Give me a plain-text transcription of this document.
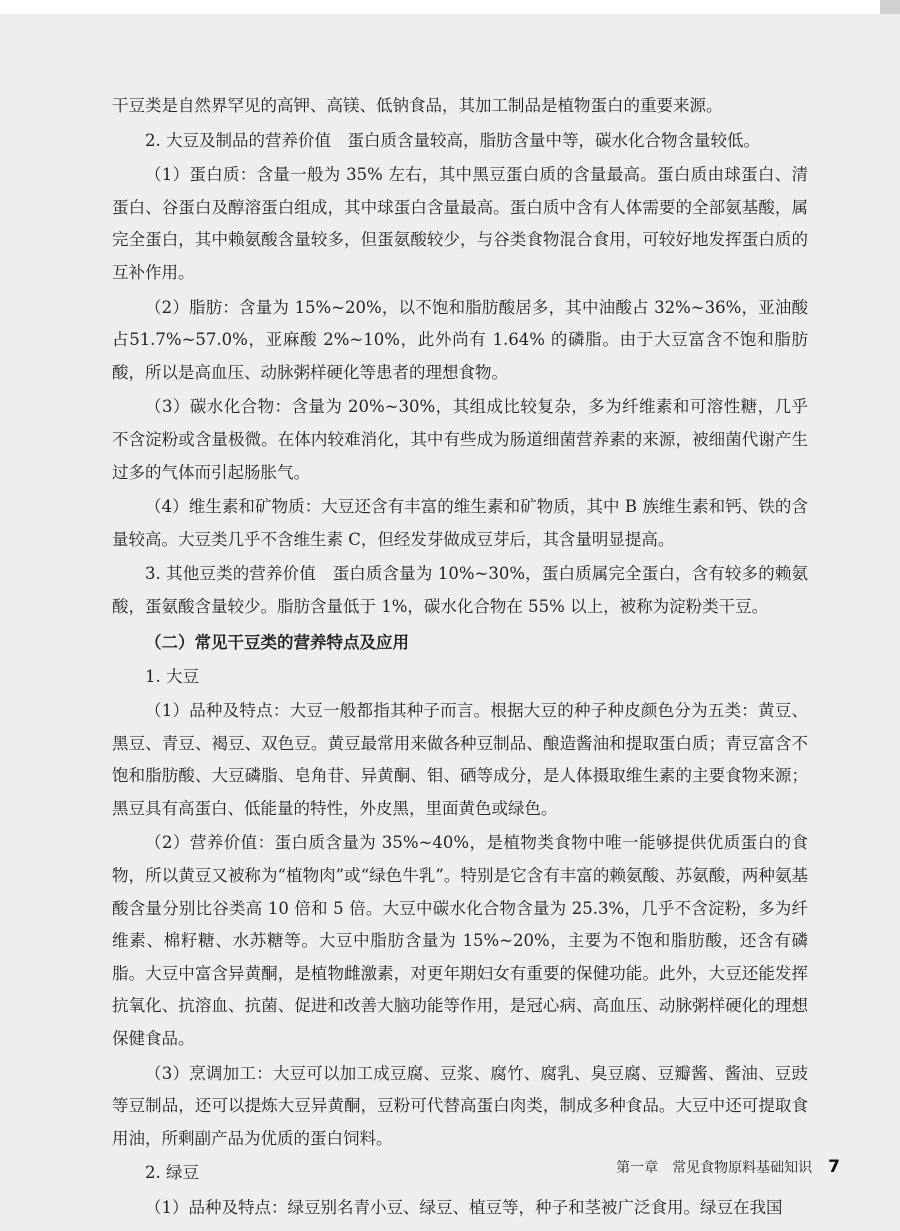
干豆类是自然界罕见的高钾、高镁、低钠食品，其加工制品是植物蛋白的重要来源。

2. 大豆及制品的营养价值　蛋白质含量较高，脂肪含量中等，碳水化合物含量较低。

（1）蛋白质：含量一般为 35% 左右，其中黑豆蛋白质的含量最高。蛋白质由球蛋白、清蛋白、谷蛋白及醇溶蛋白组成，其中球蛋白含量最高。蛋白质中含有人体需要的全部氨基酸，属完全蛋白，其中赖氨酸含量较多，但蛋氨酸较少，与谷类食物混合食用，可较好地发挥蛋白质的互补作用。

（2）脂肪：含量为 15%~20%，以不饱和脂肪酸居多，其中油酸占 32%~36%，亚油酸占51.7%~57.0%，亚麻酸 2%~10%，此外尚有 1.64% 的磷脂。由于大豆富含不饱和脂肪酸，所以是高血压、动脉粥样硬化等患者的理想食物。

（3）碳水化合物：含量为 20%~30%，其组成比较复杂，多为纤维素和可溶性糖，几乎不含淀粉或含量极微。在体内较难消化，其中有些成为肠道细菌营养素的来源，被细菌代谢产生过多的气体而引起肠胀气。

（4）维生素和矿物质：大豆还含有丰富的维生素和矿物质，其中 B 族维生素和钙、铁的含量较高。大豆类几乎不含维生素 C，但经发芽做成豆芽后，其含量明显提高。

3. 其他豆类的营养价值　蛋白质含量为 10%~30%，蛋白质属完全蛋白，含有较多的赖氨酸，蛋氨酸含量较少。脂肪含量低于 1%，碳水化合物在 55% 以上，被称为淀粉类干豆。

（二）常见干豆类的营养特点及应用

1. 大豆

（1）品种及特点：大豆一般都指其种子而言。根据大豆的种子种皮颜色分为五类：黄豆、黑豆、青豆、褐豆、双色豆。黄豆最常用来做各种豆制品、酿造酱油和提取蛋白质；青豆富含不饱和脂肪酸、大豆磷脂、皂角苷、异黄酮、钼、硒等成分，是人体摄取维生素的主要食物来源；黑豆具有高蛋白、低能量的特性，外皮黑，里面黄色或绿色。

（2）营养价值：蛋白质含量为 35%~40%，是植物类食物中唯一能够提供优质蛋白的食物，所以黄豆又被称为“植物肉”或“绿色牛乳”。特别是它含有丰富的赖氨酸、苏氨酸，两种氨基酸含量分别比谷类高 10 倍和 5 倍。大豆中碳水化合物含量为 25.3%，几乎不含淀粉，多为纤维素、棉籽糖、水苏糖等。大豆中脂肪含量为 15%~20%，主要为不饱和脂肪酸，还含有磷脂。大豆中富含异黄酮，是植物雌激素，对更年期妇女有重要的保健功能。此外，大豆还能发挥抗氧化、抗溶血、抗菌、促进和改善大脑功能等作用，是冠心病、高血压、动脉粥样硬化的理想保健食品。

（3）烹调加工：大豆可以加工成豆腐、豆浆、腐竹、腐乳、臭豆腐、豆瓣酱、酱油、豆豉等豆制品，还可以提炼大豆异黄酮，豆粉可代替高蛋白肉类，制成多种食品。大豆中还可提取食用油，所剩副产品为优质的蛋白饲料。

2. 绿豆

（1）品种及特点：绿豆别名青小豆、绿豆、植豆等，种子和茎被广泛食用。绿豆在我国

第一章　常见食物原料基础知识 7
